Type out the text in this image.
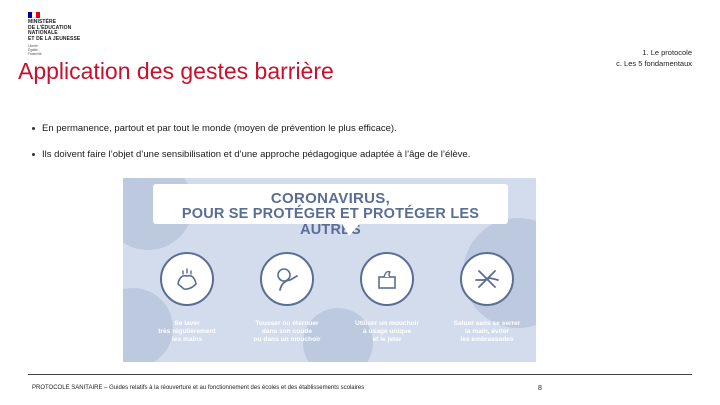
MINISTÈRE
DE L'ÉDUCATION
NATIONALE
ET DE LA JEUNESSE
Liberté
Égalité
Fraternité	1. Le protocole
c. Les 5 fondamentaux
Application des gestes barrière
En permanence, partout et par tout le monde (moyen de prévention le plus efficace).
Ils doivent faire l’objet d’une sensibilisation et d’une approche pédagogique adaptée à l’âge de l’élève.
CORONAVIRUS,
POUR SE PROTÉGER ET PROTÉGER LES AUTRES
Se laver
très régulièrement
les mains
Tousser ou éternuer
dans son coude
ou dans un mouchoir
Utiliser un mouchoir
à usage unique
et le jeter
Saluer sans se serrer
la main, éviter
les embrassades
PROTOCOLE SANITAIRE – Guides relatifs à la réouverture et au fonctionnement des écoles et des établissements scolaires	8
